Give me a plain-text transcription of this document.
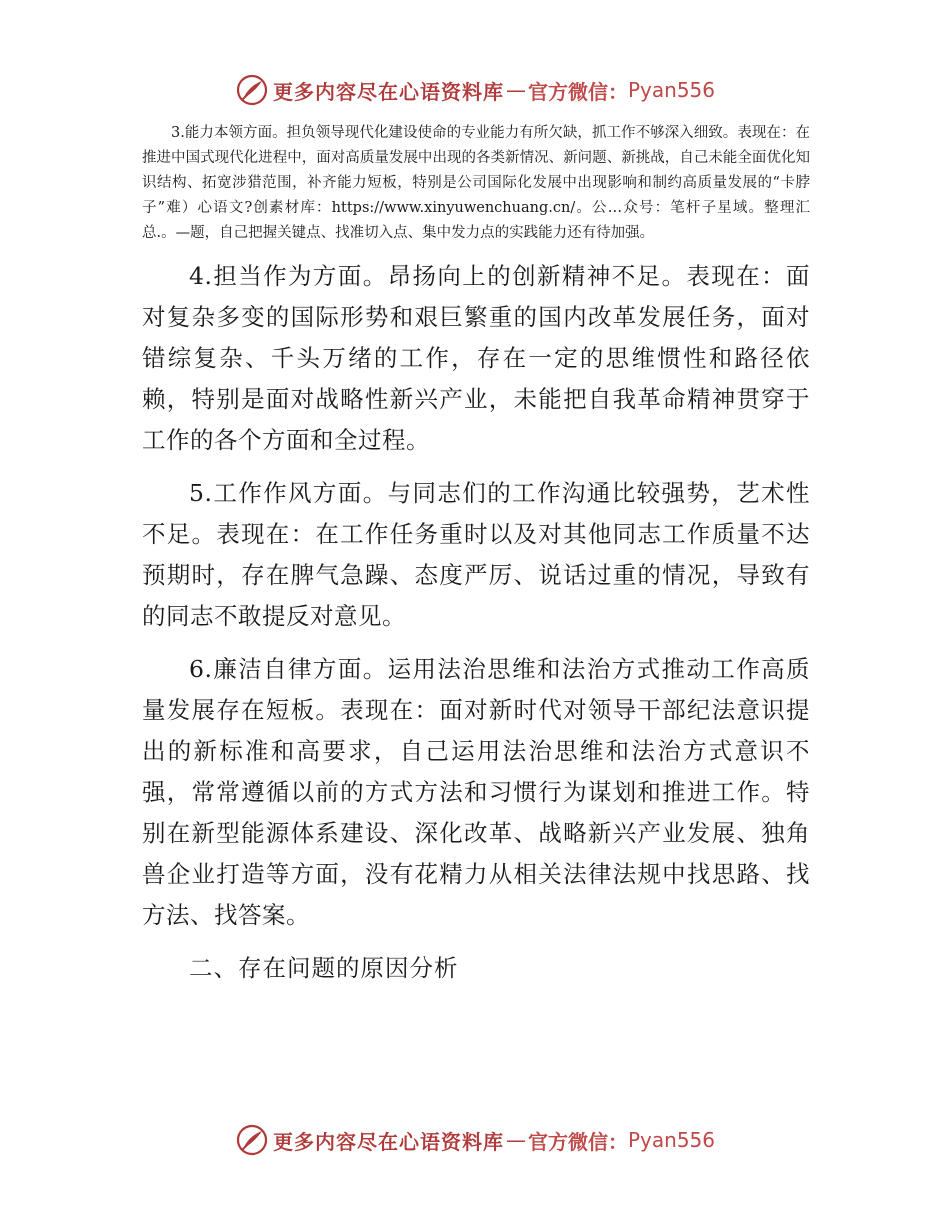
更多内容尽在心语资料库 — 官方微信： Pyan556

3.能力本领方面。担负领导现代化建设使命的专业能力有所欠缺，抓工作不够深入细致。表现在：在推进中国式现代化进程中，面对高质量发展中出现的各类新情况、新问题、新挑战，自己未能全面优化知识结构、拓宽涉猎范围，补齐能力短板，特别是公司国际化发展中出现影响和制约高质量发展的“卡脖子”难）心语文?创素材库：https://www.xinyuwenchuang.cn/。公…众号：笔杆子星域。整理汇总.。—题，自己把握关键点、找准切入点、集中发力点的实践能力还有待加强。

4.担当作为方面。昂扬向上的创新精神不足。表现在：面对复杂多变的国际形势和艰巨繁重的国内改革发展任务，面对错综复杂、千头万绪的工作，存在一定的思维惯性和路径依赖，特别是面对战略性新兴产业，未能把自我革命精神贯穿于工作的各个方面和全过程。

5.工作作风方面。与同志们的工作沟通比较强势，艺术性不足。表现在：在工作任务重时以及对其他同志工作质量不达预期时，存在脾气急躁、态度严厉、说话过重的情况，导致有的同志不敢提反对意见。

6.廉洁自律方面。运用法治思维和法治方式推动工作高质量发展存在短板。表现在：面对新时代对领导干部纪法意识提出的新标准和高要求，自己运用法治思维和法治方式意识不强，常常遵循以前的方式方法和习惯行为谋划和推进工作。特别在新型能源体系建设、深化改革、战略新兴产业发展、独角兽企业打造等方面，没有花精力从相关法律法规中找思路、找方法、找答案。

二、存在问题的原因分析

更多内容尽在心语资料库 — 官方微信： Pyan556
